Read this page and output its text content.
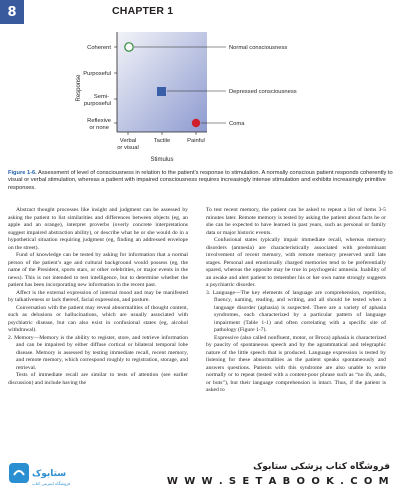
8	CHAPTER 1
Coherent
Purposeful
Semi-
purposeful
Reflexive
or none
Response
Verbal
or visual
Tactile	Painful
Stimulus
Normal consciousness
Depressed consciousness
Coma
Figure 1-6. Assessment of level of consciousness in relation to the patient’s response to stimulation. A normally conscious patient responds coherently to visual or verbal stimulation, whereas a patient with impaired consciousness requires increasingly intense stimulation and exhibits increasingly primitive responses.

Abstract thought processes like insight and judgment can be assessed by asking the patient to list similarities and differences between objects (eg, an apple and an orange), interpret proverbs (overly concrete interpretations suggest impaired abstraction ability), or describe what he or she would do in a hypothetical situation requiring judgment (eg, finding an addressed envelope on the street).

Fund of knowledge can be tested by asking for information that a normal person of the patient’s age and cultural background would possess (eg, the name of the President, sports stars, or other celebrities, or major events in the news). This is not intended to test intelligence, but to determine whether the patient has been incorporating new information in the recent past.

Affect is the external expression of internal mood and may be manifested by talkativeness or lack thereof, facial expression, and posture.

Conversation with the patient may reveal abnormalities of thought content, such as delusions or hallucinations, which are usually associated with psychiatric disease, but can also exist in confusional states (eg, alcohol withdrawal).

2. Memory—Memory is the ability to register, store, and retrieve information and can be impaired by either diffuse cortical or bilateral temporal lobe disease. Memory is assessed by testing immediate recall, recent memory, and remote memory, which correspond roughly to registration, storage, and retrieval.

Tests of immediate recall are similar to tests of attention (see earlier discussion) and include having the

To test recent memory, the patient can be asked to repeat a list of items 3-5 minutes later. Remote memory is tested by asking the patient about facts he or she can be expected to have learned in past years, such as personal or family data or major historic events.

Confusional states typically impair immediate recall, whereas memory disorders (amnesia) are characteristically associated with predominant involvement of recent memory, with remote memory preserved until late stages. Personal and emotionally charged memories tend to be preferentially spared, whereas the opposite may be true in psychogenic amnesia. Inability of an awake and alert patient to remember his or her own name strongly suggests a psychiatric disorder.

3. Language—The key elements of language are comprehension, repetition, fluency, naming, reading, and writing, and all should be tested when a language disorder (aphasia) is suspected. There are a variety of aphasia syndromes, each characterized by a particular pattern of language impairment (Table 1-1) and often correlating with a specific site of pathology (Figure 1-7).

Expressive (also called nonfluent, motor, or Broca) aphasia is characterized by paucity of spontaneous speech and by the agrammatical and telegraphic nature of the little speech that is produced. Language expression is tested by listening for these abnormalities as the patient speaks spontaneously and answers questions. Patients with this syndrome are also unable to write normally or to repeat (tested with a content-poor phrase such as “no ifs, ands, or buts”), but their language comprehension is intact. Thus, if the patient is asked to

ستابوک
فروشگاه اینترنتی کتاب
فروشگاه کتاب پزشکی ستابوک
W W W . S E T A B O O K . C O M
